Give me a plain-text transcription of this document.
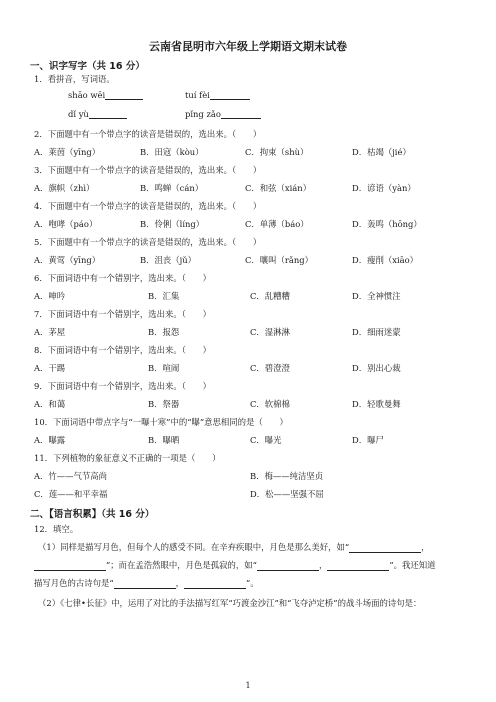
云南省昆明市六年级上学期语文期末试卷
一、识字写字（共 16 分）
1．看拼音，写词语。
shāo wēi	tuí fèi
dǐ yù	pǐng zǎo
2．下面题中有一个带点字的读音是错误的，选出来。（　　）
A．莱茵（yīng）	B．田寇（kòu）	C．拘束（shù）	D．枯竭（jié）
3．下面题中有一个带点字的读音是错误的，选出来。（　　）
A．旗帜（zhì）	B．鸣蝉（cán）	C．和弦（xián）	D．谚语（yàn）
4．下面题中有一个带点字的读音是错误的，选出来。（　　）
A．咆哮（páo）	B．伶俐（líng）	C．单薄（báo）	D．轰鸣（hōng）
5．下面题中有一个带点字的读音是错误的，选出来。（　　）
A．黄莺（yīng）	B．沮丧（jǔ）	C．嚷叫（rǎng）	D．瘦削（xiāo）
6．下面词语中有一个错别字，选出来。（　　）
A．呻吟	B．汇集	C．乱糟糟	D．全神惯注
7．下面词语中有一个错别字，选出来。（　　）
A．茅屋	B．报怨	C．湿淋淋	D．细雨迷蒙
8．下面词语中有一个错别字，选出来。（　　）
A．干踢	B．喧闹	C．碧澄澄	D．别出心裁
9．下面词语中有一个错别字，选出来。（　　）
A．和蔼	B．祭器	C．软棉棉	D．轻歌曼舞
10．下面词语中带点字与“一曝十寒”中的“曝”意思相同的是（　　）
A．曝露	B．曝晒	C．曝光	D．曝尸
11．下列植物的象征意义不正确的一项是（　　）
A．竹——气节高尚	B．梅——纯洁坚贞
C．莲——和平幸福	D．松——坚强不屈
二、【语言积累】（共 16 分）
12．填空。
（1）同样是描写月色，但每个人的感受不同。在辛弃疾眼中，月色是那么美好，如“	，
”；而在孟浩然眼中，月色是孤寂的，如“	，	”。我还知道
描写月色的古诗句是“	，	”。
（2）《七律•长征》中，运用了对比的手法描写红军“巧渡金沙江”和“飞夺泸定桥”的战斗场面的诗句是：
1
